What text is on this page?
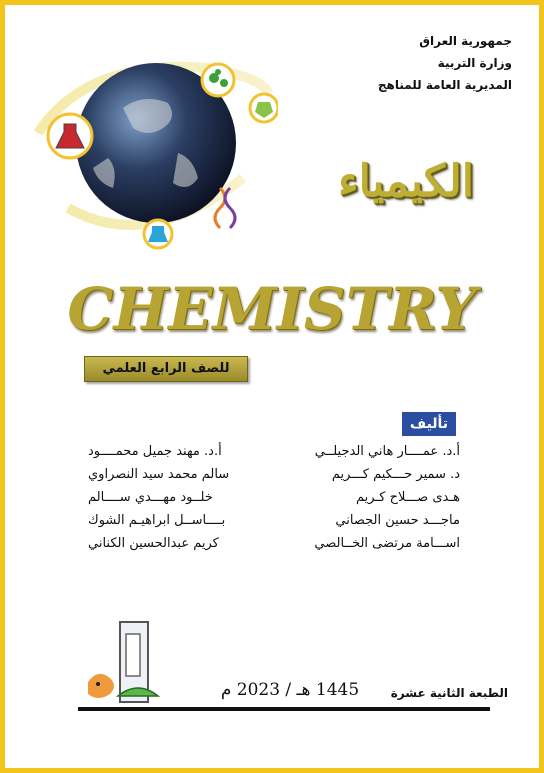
جمهورية العراق
وزارة التربية
المديرية العامة للمناهج
الكيمياء
CHEMISTRY
للصف الرابع العلمي
تأليف
أ.د. عمــــار هاني الدجيلــي
أ.د. مهند جميل محمــــود
د. سمير حـــكيم كـــريم
سالم محمد سيد النصراوي
هـدى صـــلاح كـريم
خلــود مهـــدي ســــالم
ماجـــد حسين الجصاني
بــــاســل ابراهيـم الشوك
اســـامة مرتضى الخــالصي
كريم عبدالحسين الكناني
1445 هـ / 2023 م	الطبعة الثانية عشرة
